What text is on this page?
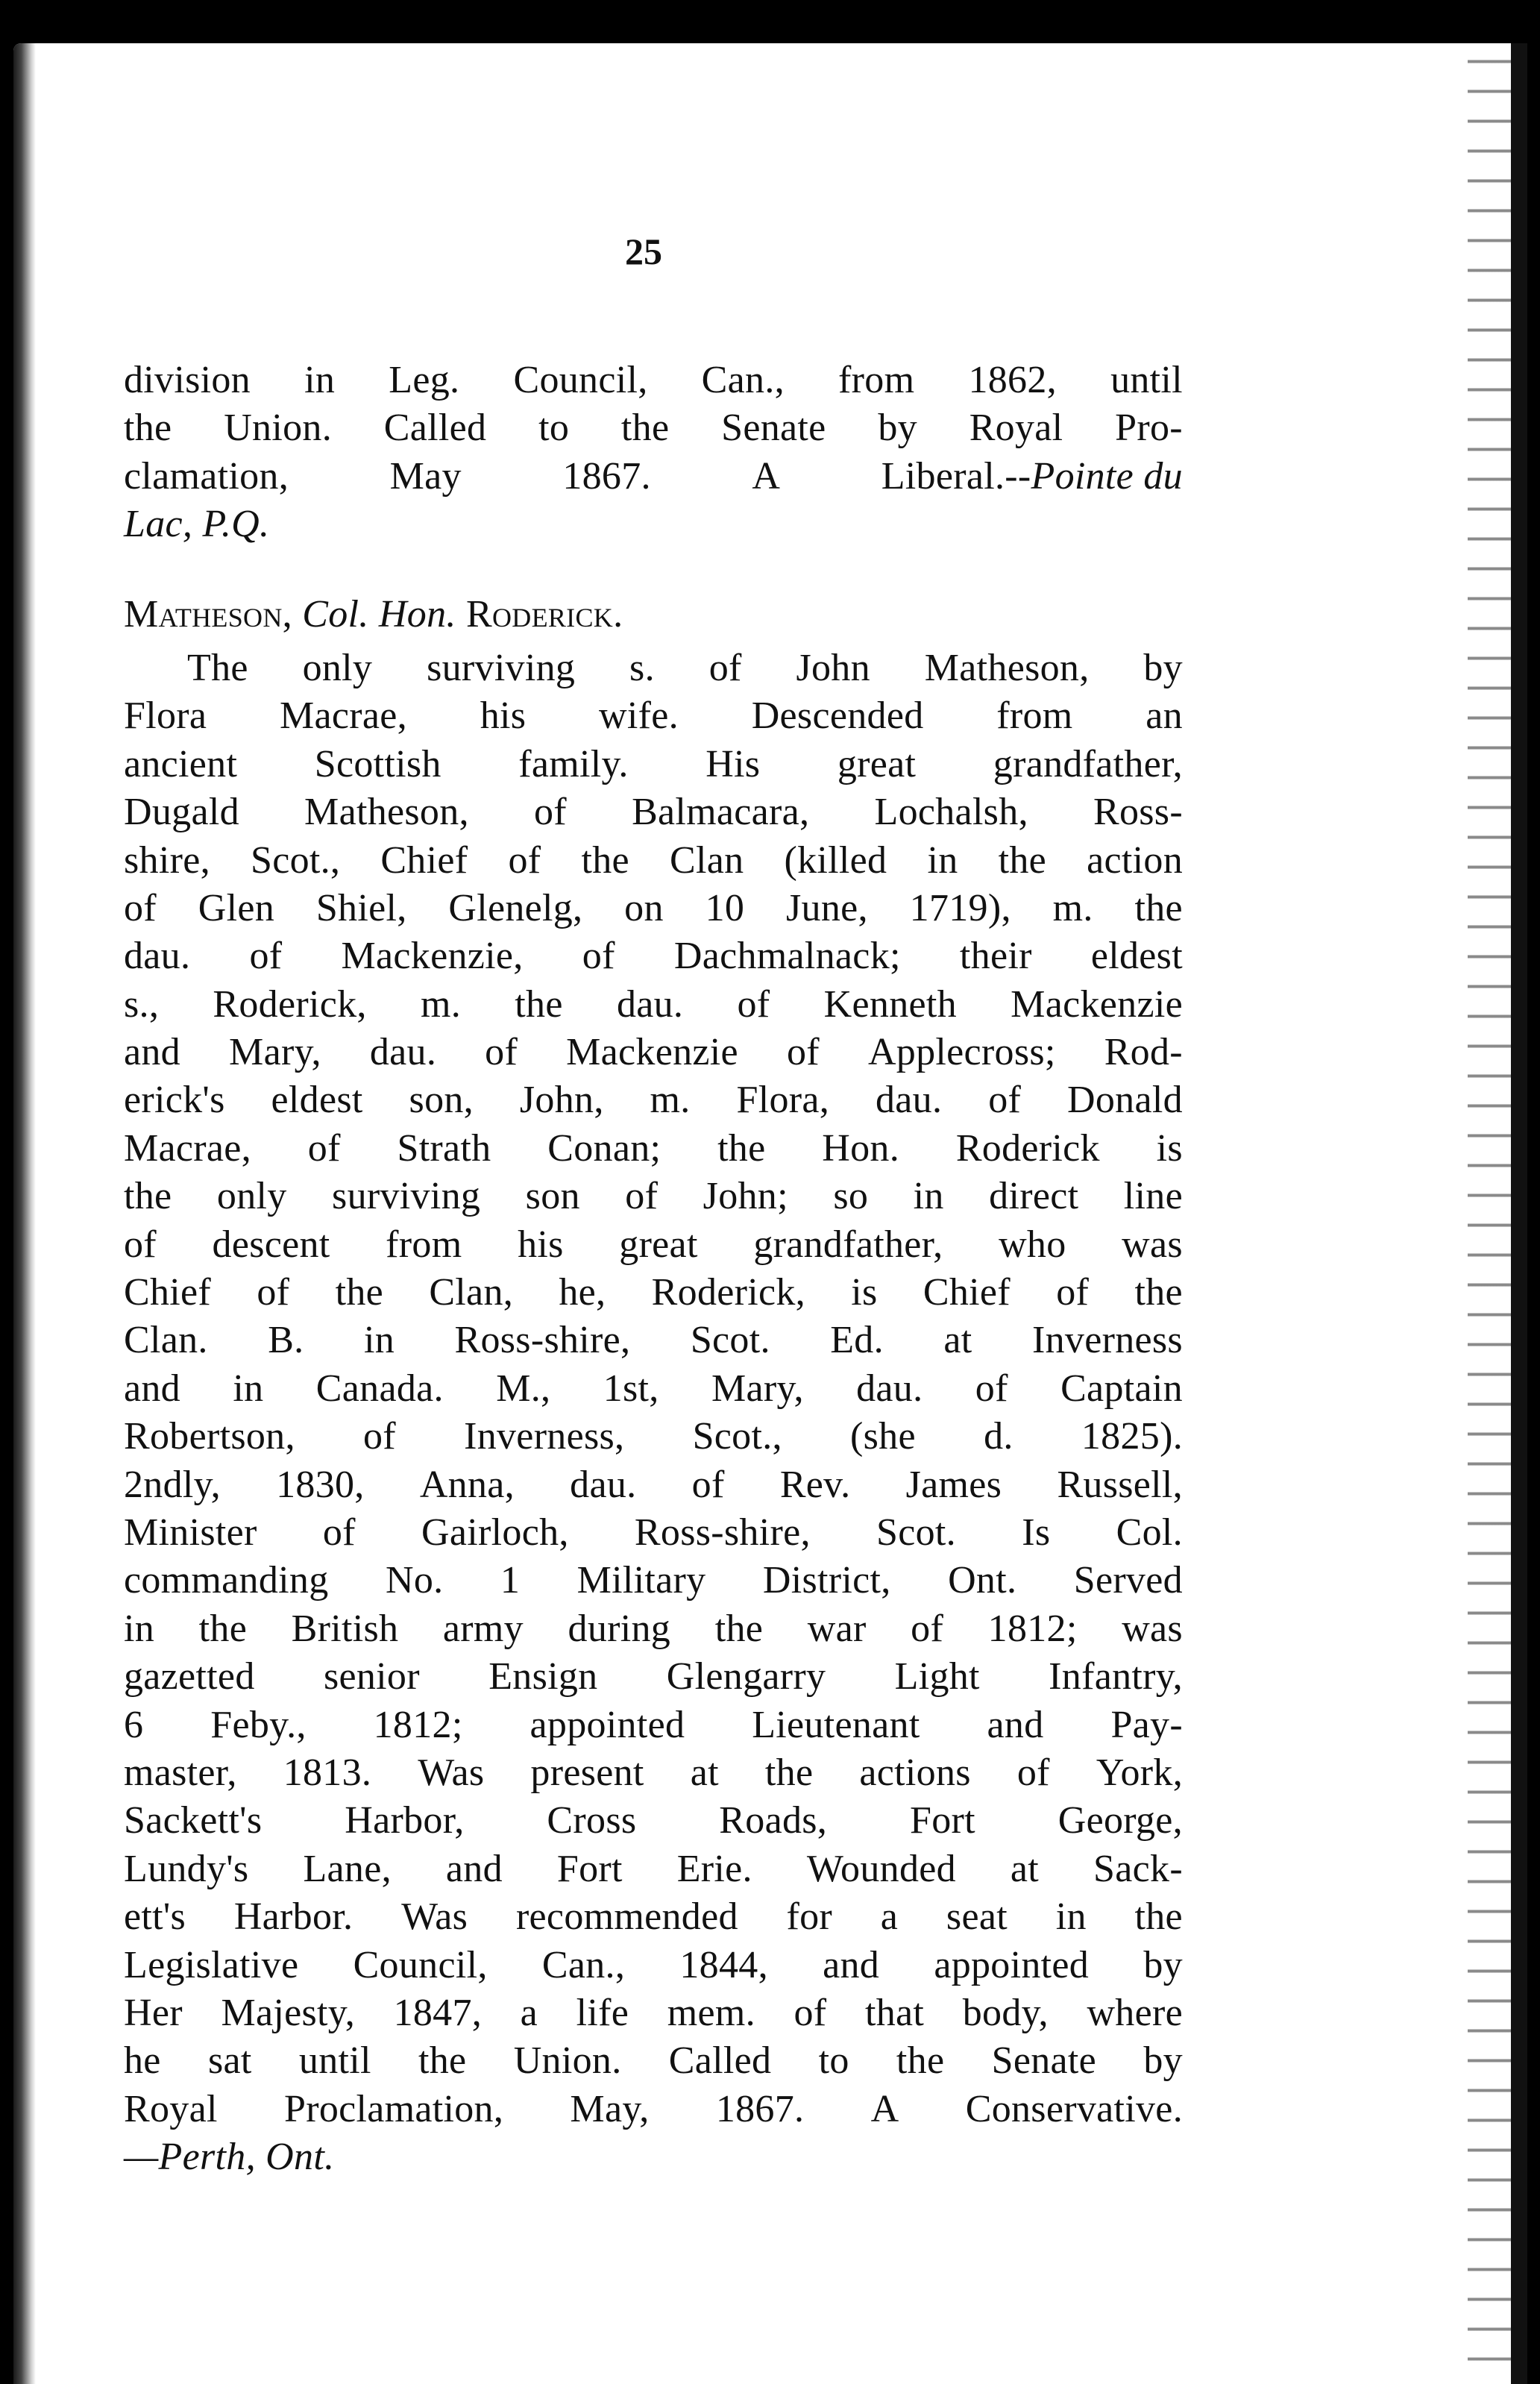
25
division in Leg. Council, Can., from 1862, until
the Union. Called to the Senate by Royal Pro-
clamation,	May	1867.	A	Liberal.--Pointe du
Lac, P.Q.
Matheson, Col. Hon. Roderick.
The only surviving s. of John Matheson, by
Flora Macrae, his wife. Descended from an
ancient Scottish family. His great grandfather,
Dugald Matheson, of Balmacara, Lochalsh, Ross-
shire, Scot., Chief of the Clan (killed in the action
of Glen Shiel, Glenelg, on 10 June, 1719), m. the
dau. of Mackenzie, of Dachmalnack; their eldest
s., Roderick, m. the dau. of Kenneth Mackenzie
and Mary, dau. of Mackenzie of Applecross; Rod-
erick's eldest son, John, m. Flora, dau. of Donald
Macrae, of Strath Conan; the Hon. Roderick is
the only surviving son of John; so in direct line
of descent from his great grandfather, who was
Chief of the Clan, he, Roderick, is Chief of the
Clan. B. in Ross-shire, Scot. Ed. at Inverness
and in Canada. M., 1st, Mary, dau. of Captain
Robertson, of Inverness, Scot., (she d. 1825).
2ndly, 1830, Anna, dau. of Rev. James Russell,
Minister of Gairloch, Ross-shire, Scot. Is Col.
commanding No. 1 Military District, Ont. Served
in the British army during the war of 1812; was
gazetted senior Ensign Glengarry Light Infantry,
6 Feby., 1812; appointed Lieutenant and Pay-
master, 1813. Was present at the actions of York,
Sackett's Harbor, Cross Roads, Fort George,
Lundy's Lane, and Fort Erie. Wounded at Sack-
ett's Harbor. Was recommended for a seat in the
Legislative Council, Can., 1844, and appointed by
Her Majesty, 1847, a life mem. of that body, where
he sat until the Union. Called to the Senate by
Royal Proclamation, May, 1867. A Conservative.
—Perth, Ont.
